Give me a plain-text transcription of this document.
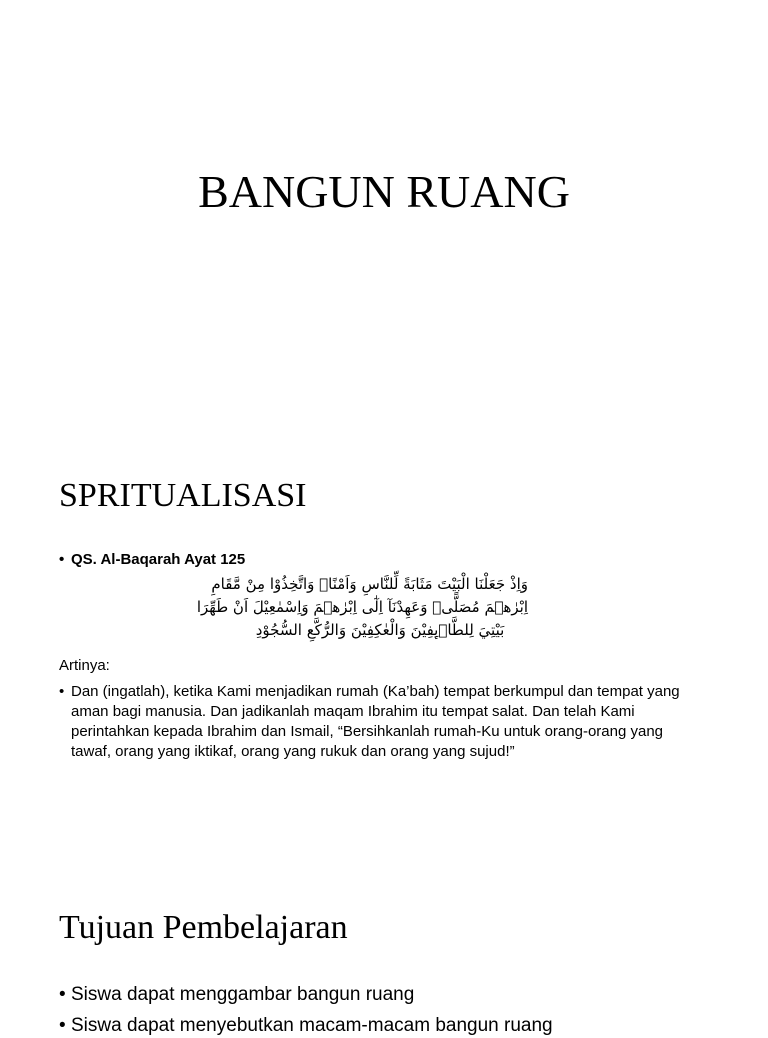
BANGUN RUANG
SPRITUALISASI
• QS. Al-Baqarah Ayat 125
وَاِذْ جَعَلْنَا الْبَيْتَ مَثَابَةً لِّلنَّاسِ وَاَمْنًاۗ وَاتَّخِذُوْا مِنْ مَّقَامِ
اِبْرٰهٖمَ مُصَلًّىۗ وَعَهِدْنَآ اِلٰٓى اِبْرٰهٖمَ وَاِسْمٰعِيْلَ اَنْ طَهِّرَا
بَيْتِيَ لِلطَّاۤىِٕفِيْنَ وَالْعٰكِفِيْنَ وَالرُّكَّعِ السُّجُوْدِ
Artinya:
• Dan (ingatlah), ketika Kami menjadikan rumah (Ka’bah) tempat berkumpul dan tempat yang aman bagi manusia. Dan jadikanlah maqam Ibrahim itu tempat salat. Dan telah Kami perintahkan kepada Ibrahim dan Ismail, “Bersihkanlah rumah-Ku untuk orang-orang yang tawaf, orang yang iktikaf, orang yang rukuk dan orang yang sujud!”
Tujuan Pembelajaran
• Siswa dapat menggambar bangun ruang
• Siswa dapat menyebutkan macam-macam bangun ruang
